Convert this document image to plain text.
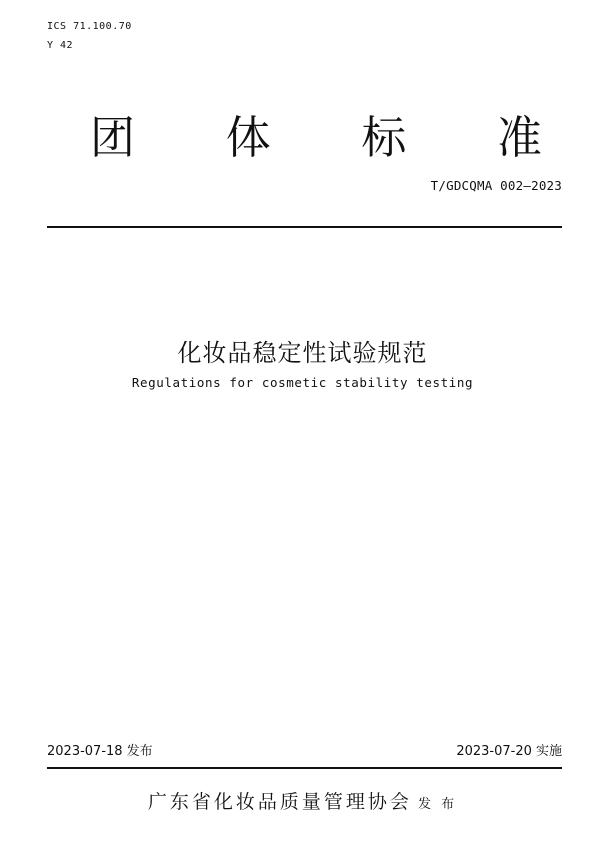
ICS 71.100.70
Y 42
团 体 标 准
T/GDCQMA 002—2023
化妆品稳定性试验规范
Regulations for cosmetic stability testing
2023-07-18 发布	2023-07-20 实施
广东省化妆品质量管理协会 发 布
